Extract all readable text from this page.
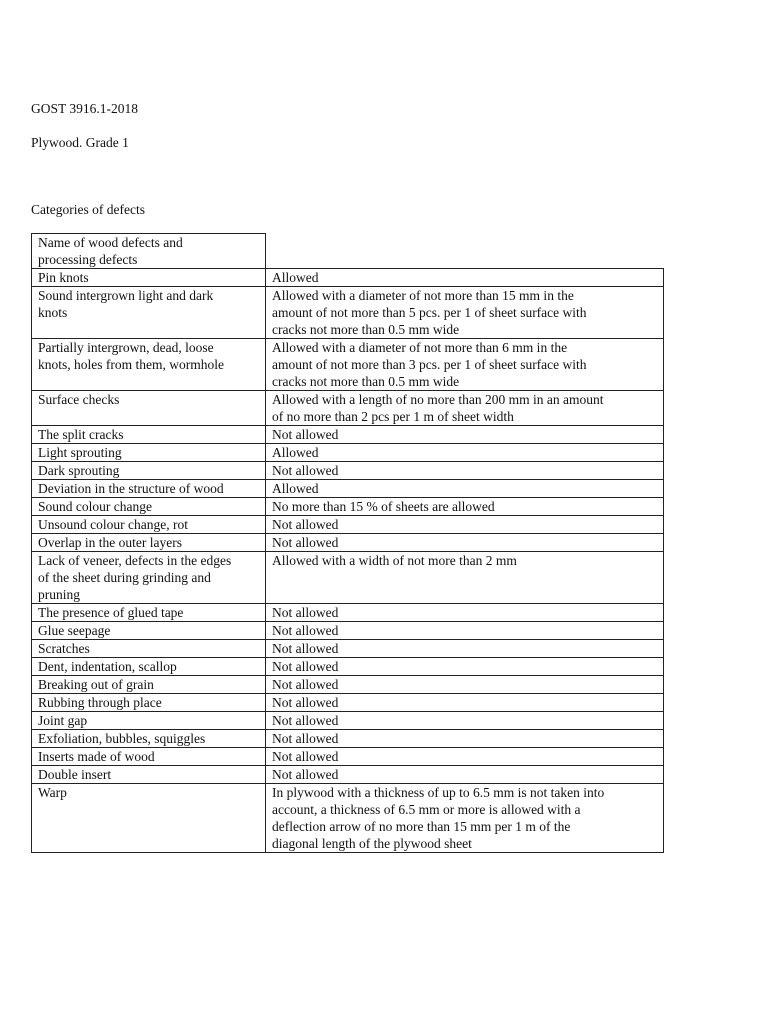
GOST 3916.1-2018

Plywood. Grade 1

Categories of defects

Name of wood defects and
processing defects	
Pin knots	Allowed
Sound intergrown light and dark
knots	Allowed with a diameter of not more than 15 mm in the
amount of not more than 5 pcs. per 1 of sheet surface with
cracks not more than 0.5 mm wide
Partially intergrown, dead, loose
knots, holes from them, wormhole	Allowed with a diameter of not more than 6 mm in the
amount of not more than 3 pcs. per 1 of sheet surface with
cracks not more than 0.5 mm wide
Surface checks	Allowed with a length of no more than 200 mm in an amount
of no more than 2 pcs per 1 m of sheet width
The split cracks	Not allowed
Light sprouting	Allowed
Dark sprouting	Not allowed
Deviation in the structure of wood	Allowed
Sound colour change	No more than 15 % of sheets are allowed
Unsound colour change, rot	Not allowed
Overlap in the outer layers	Not allowed
Lack of veneer, defects in the edges
of the sheet during grinding and
pruning	Allowed with a width of not more than 2 mm
The presence of glued tape	Not allowed
Glue seepage	Not allowed
Scratches	Not allowed
Dent, indentation, scallop	Not allowed
Breaking out of grain	Not allowed
Rubbing through place	Not allowed
Joint gap	Not allowed
Exfoliation, bubbles, squiggles	Not allowed
Inserts made of wood	Not allowed
Double insert	Not allowed
Warp	In plywood with a thickness of up to 6.5 mm is not taken into
account, a thickness of 6.5 mm or more is allowed with a
deflection arrow of no more than 15 mm per 1 m of the
diagonal length of the plywood sheet
